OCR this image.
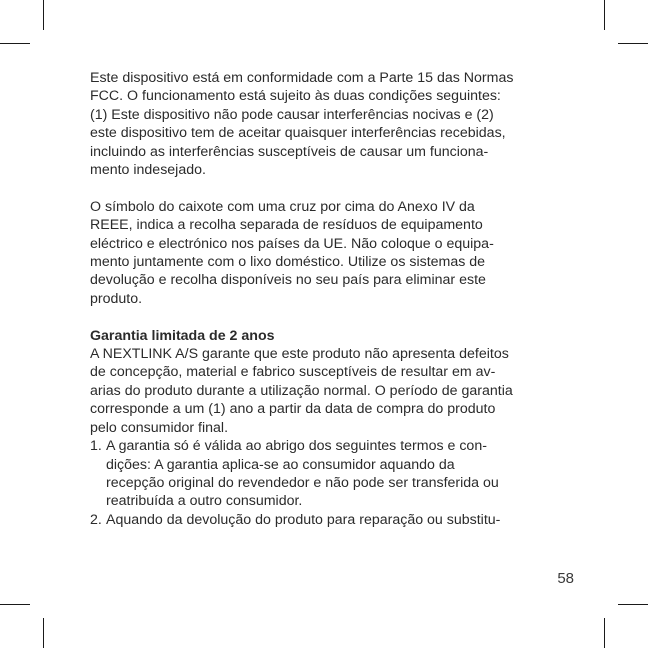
Este dispositivo está em conformidade com a Parte 15 das Normas
FCC. O funcionamento está sujeito às duas condições seguintes:
(1) Este dispositivo não pode causar interferências nocivas e (2)
este dispositivo tem de aceitar quaisquer interferências recebidas,
incluindo as interferências susceptíveis de causar um funciona-
mento indesejado.

O símbolo do caixote com uma cruz por cima do Anexo IV da
REEE, indica a recolha separada de resíduos de equipamento
eléctrico e electrónico nos países da UE. Não coloque o equipa-
mento juntamente com o lixo doméstico. Utilize os sistemas de
devolução e recolha disponíveis no seu país para eliminar este
produto.

Garantia limitada de 2 anos

A NEXTLINK A/S garante que este produto não apresenta defeitos
de concepção, material e fabrico susceptíveis de resultar em av-
arias do produto durante a utilização normal. O período de garantia
corresponde a um (1) ano a partir da data de compra do produto
pelo consumidor final.

1. A garantia só é válida ao abrigo dos seguintes termos e con-
dições: A garantia aplica-se ao consumidor aquando da
recepção original do revendedor e não pode ser transferida ou
reatribuída a outro consumidor.
2. Aquando da devolução do produto para reparação ou substitu-
58
